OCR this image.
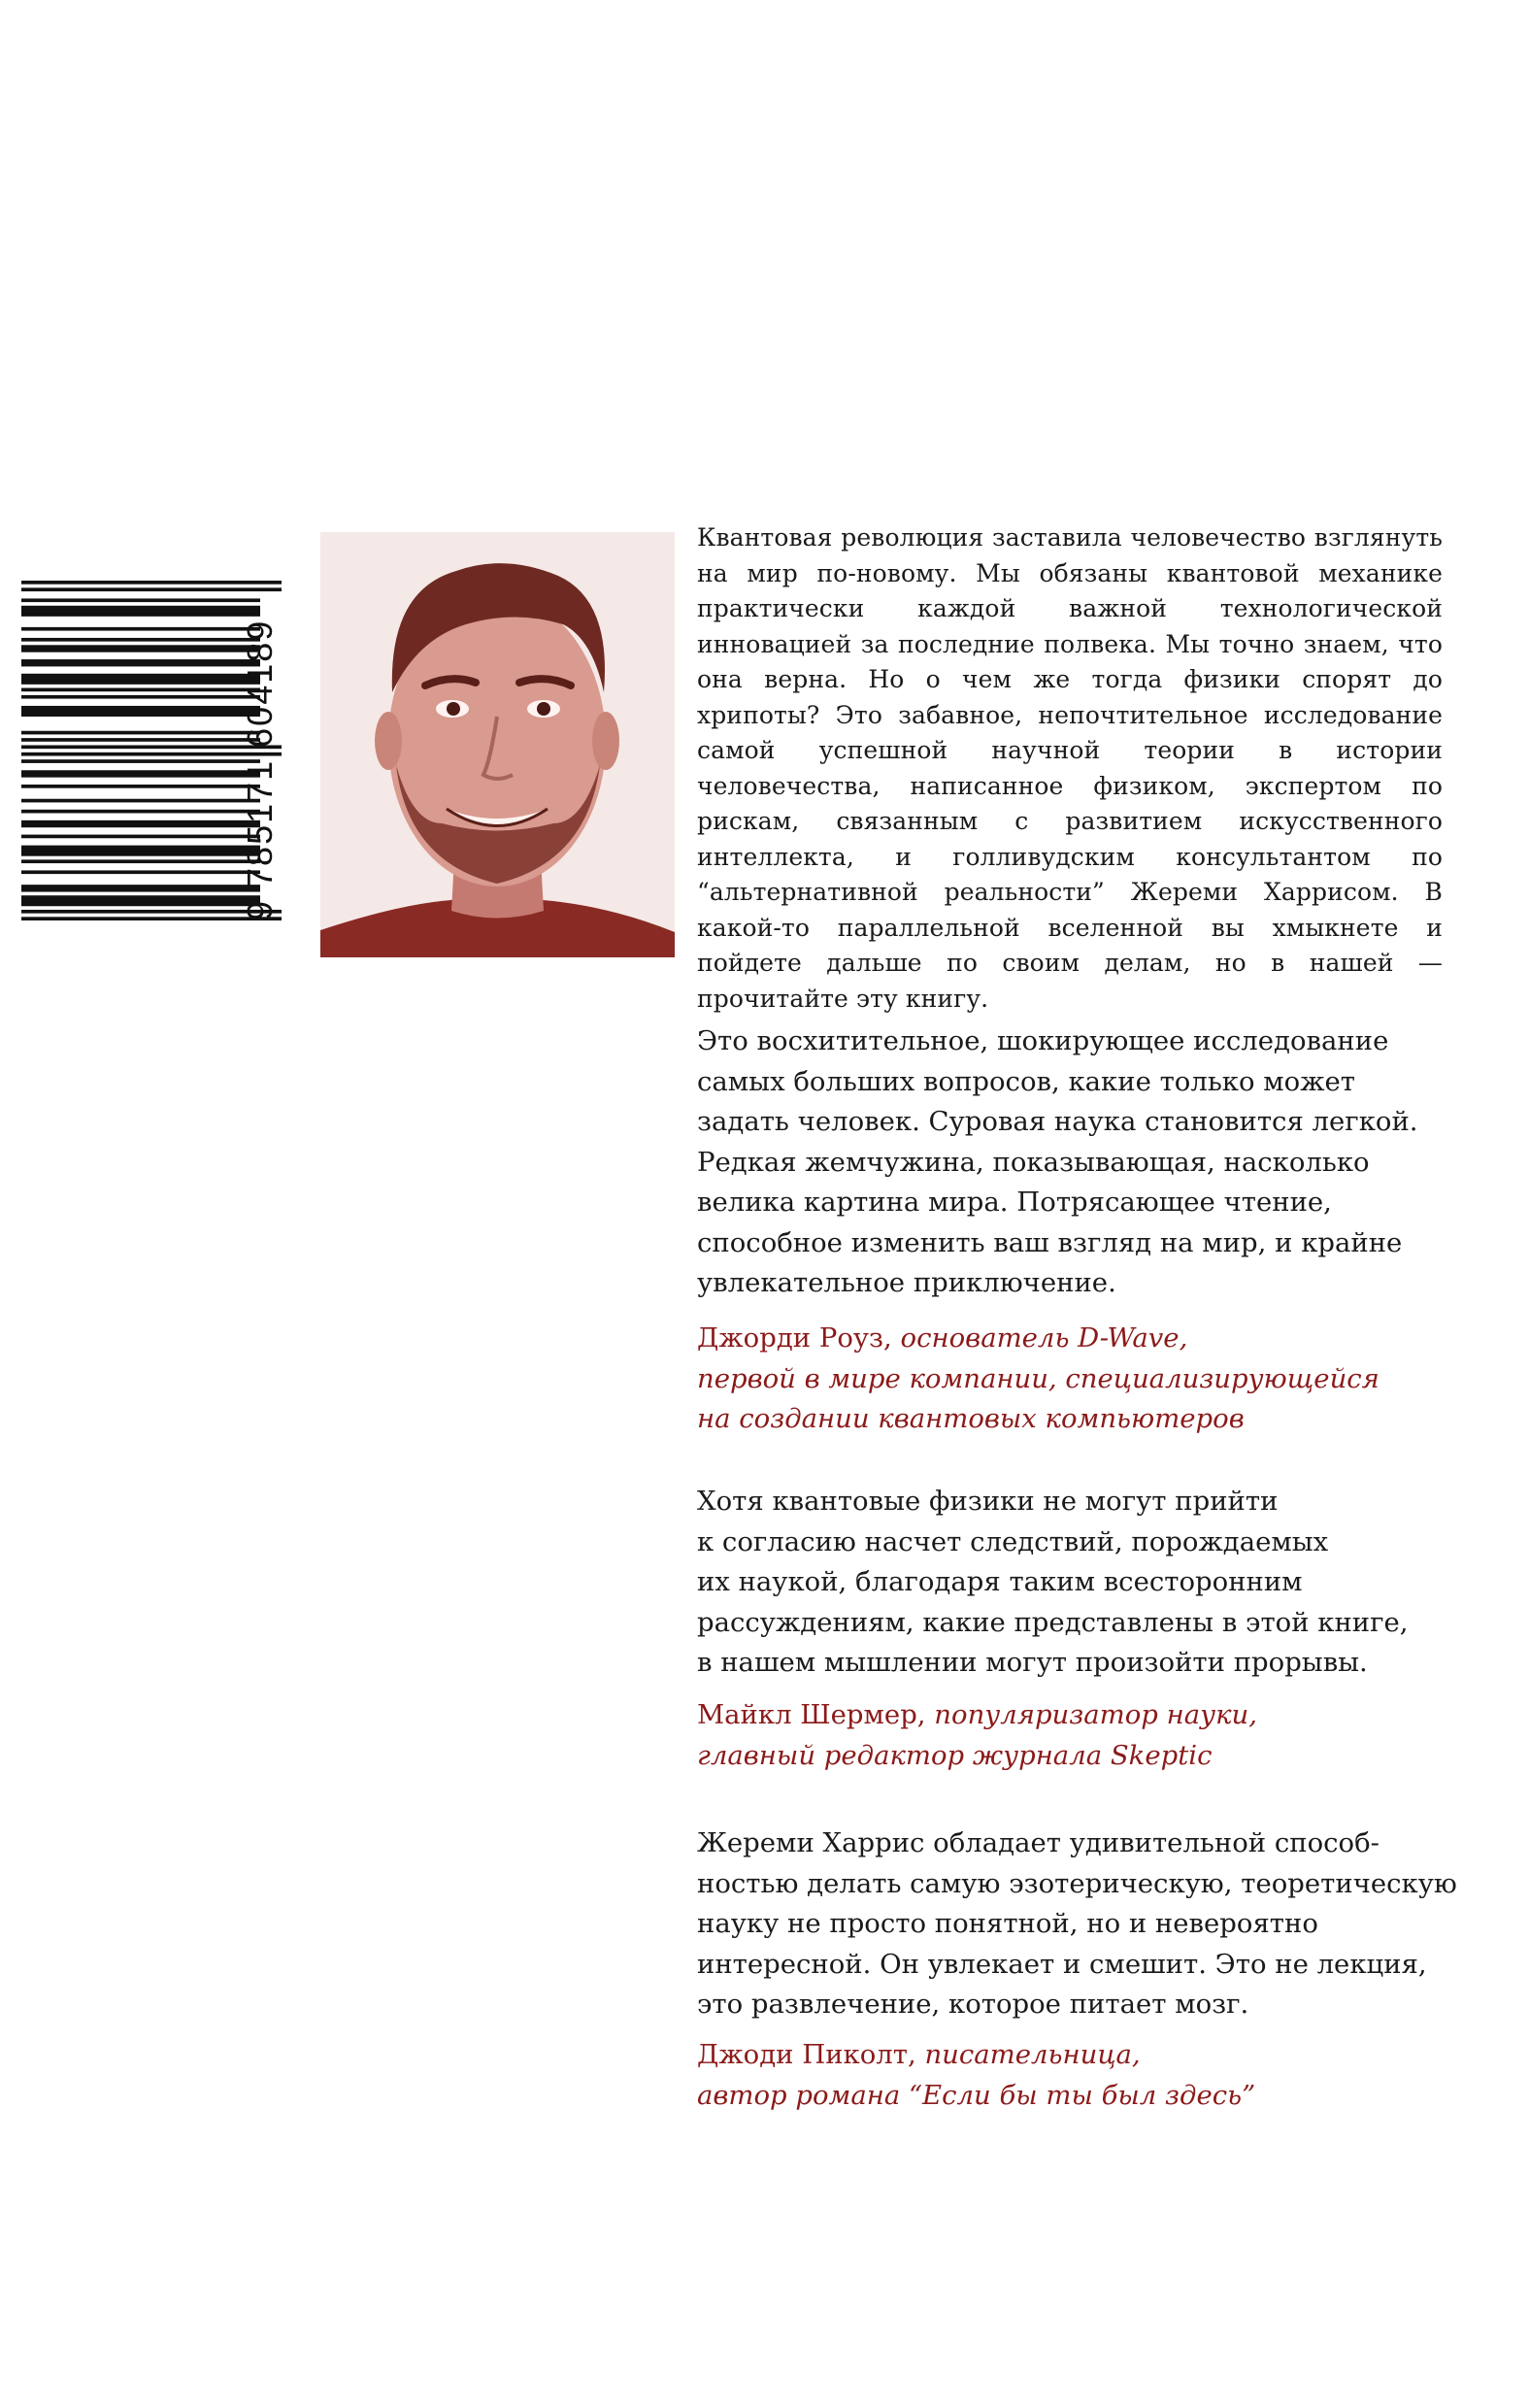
9 785171 604189

Квантовая революция заставила человечество взглянуть на мир по-новому. Мы обязаны квантовой механике практически каждой важной технологической инновацией за последние полвека. Мы точно знаем, что она верна. Но о чем же тогда физики спорят до хрипоты? Это забавное, непочтительное исследование самой успешной научной теории в истории человечества, написанное физиком, экспертом по рискам, связанным с развитием искусственного интеллекта, и голливудским консультантом по “альтернативной реальности” Жереми Харрисом. В какой-то параллельной вселенной вы хмыкнете и пойдете дальше по своим делам, но в нашей — прочитайте эту книгу.

Это восхитительное, шокирующее исследование
самых больших вопросов, какие только может
задать человек. Суровая наука становится легкой.
Редкая жемчужина, показывающая, насколько
велика картина мира. Потрясающее чтение,
способное изменить ваш взгляд на мир, и крайне
увлекательное приключение.

Джорди Роуз, основатель D-Wave,
первой в мире компании, специализирующейся
на создании квантовых компьютеров

Хотя квантовые физики не могут прийти
к согласию насчет следствий, порождаемых
их наукой, благодаря таким всесторонним
рассуждениям, какие представлены в этой книге,
в нашем мышлении могут произойти прорывы.

Майкл Шермер, популяризатор науки,
главный редактор журнала Skeptic

Жереми Харрис обладает удивительной способ-
ностью делать самую эзотерическую, теоретическую
науку не просто понятной, но и невероятно
интересной. Он увлекает и смешит. Это не лекция,
это развлечение, которое питает мозг.

Джоди Пиколт, писательница,
автор романа “Если бы ты был здесь”
